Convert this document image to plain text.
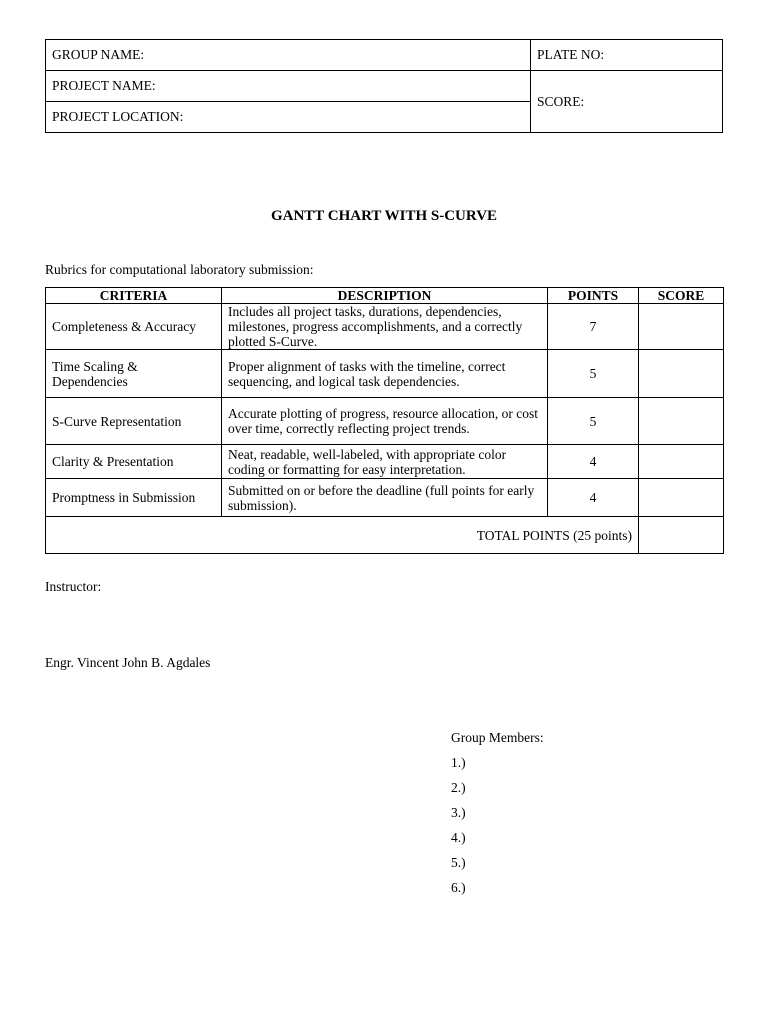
GROUP NAME:	PLATE NO:
PROJECT NAME:	SCORE:
PROJECT LOCATION:	
GANTT CHART WITH S-CURVE
Rubrics for computational laboratory submission:
CRITERIA	DESCRIPTION	POINTS	SCORE
Completeness & Accuracy	Includes all project tasks, durations, dependencies, milestones, progress accomplishments, and a correctly plotted S-Curve.	7	
Time Scaling & Dependencies	Proper alignment of tasks with the timeline, correct sequencing, and logical task dependencies.	5	
S-Curve Representation	Accurate plotting of progress, resource allocation, or cost over time, correctly reflecting project trends.	5	
Clarity & Presentation	Neat, readable, well-labeled, with appropriate color coding or formatting for easy interpretation.	4	
Promptness in Submission	Submitted on or before the deadline (full points for early submission).	4	
TOTAL POINTS (25 points)			
Instructor:
Engr. Vincent John B. Agdales
Group Members:
1.)
2.)
3.)
4.)
5.)
6.)
